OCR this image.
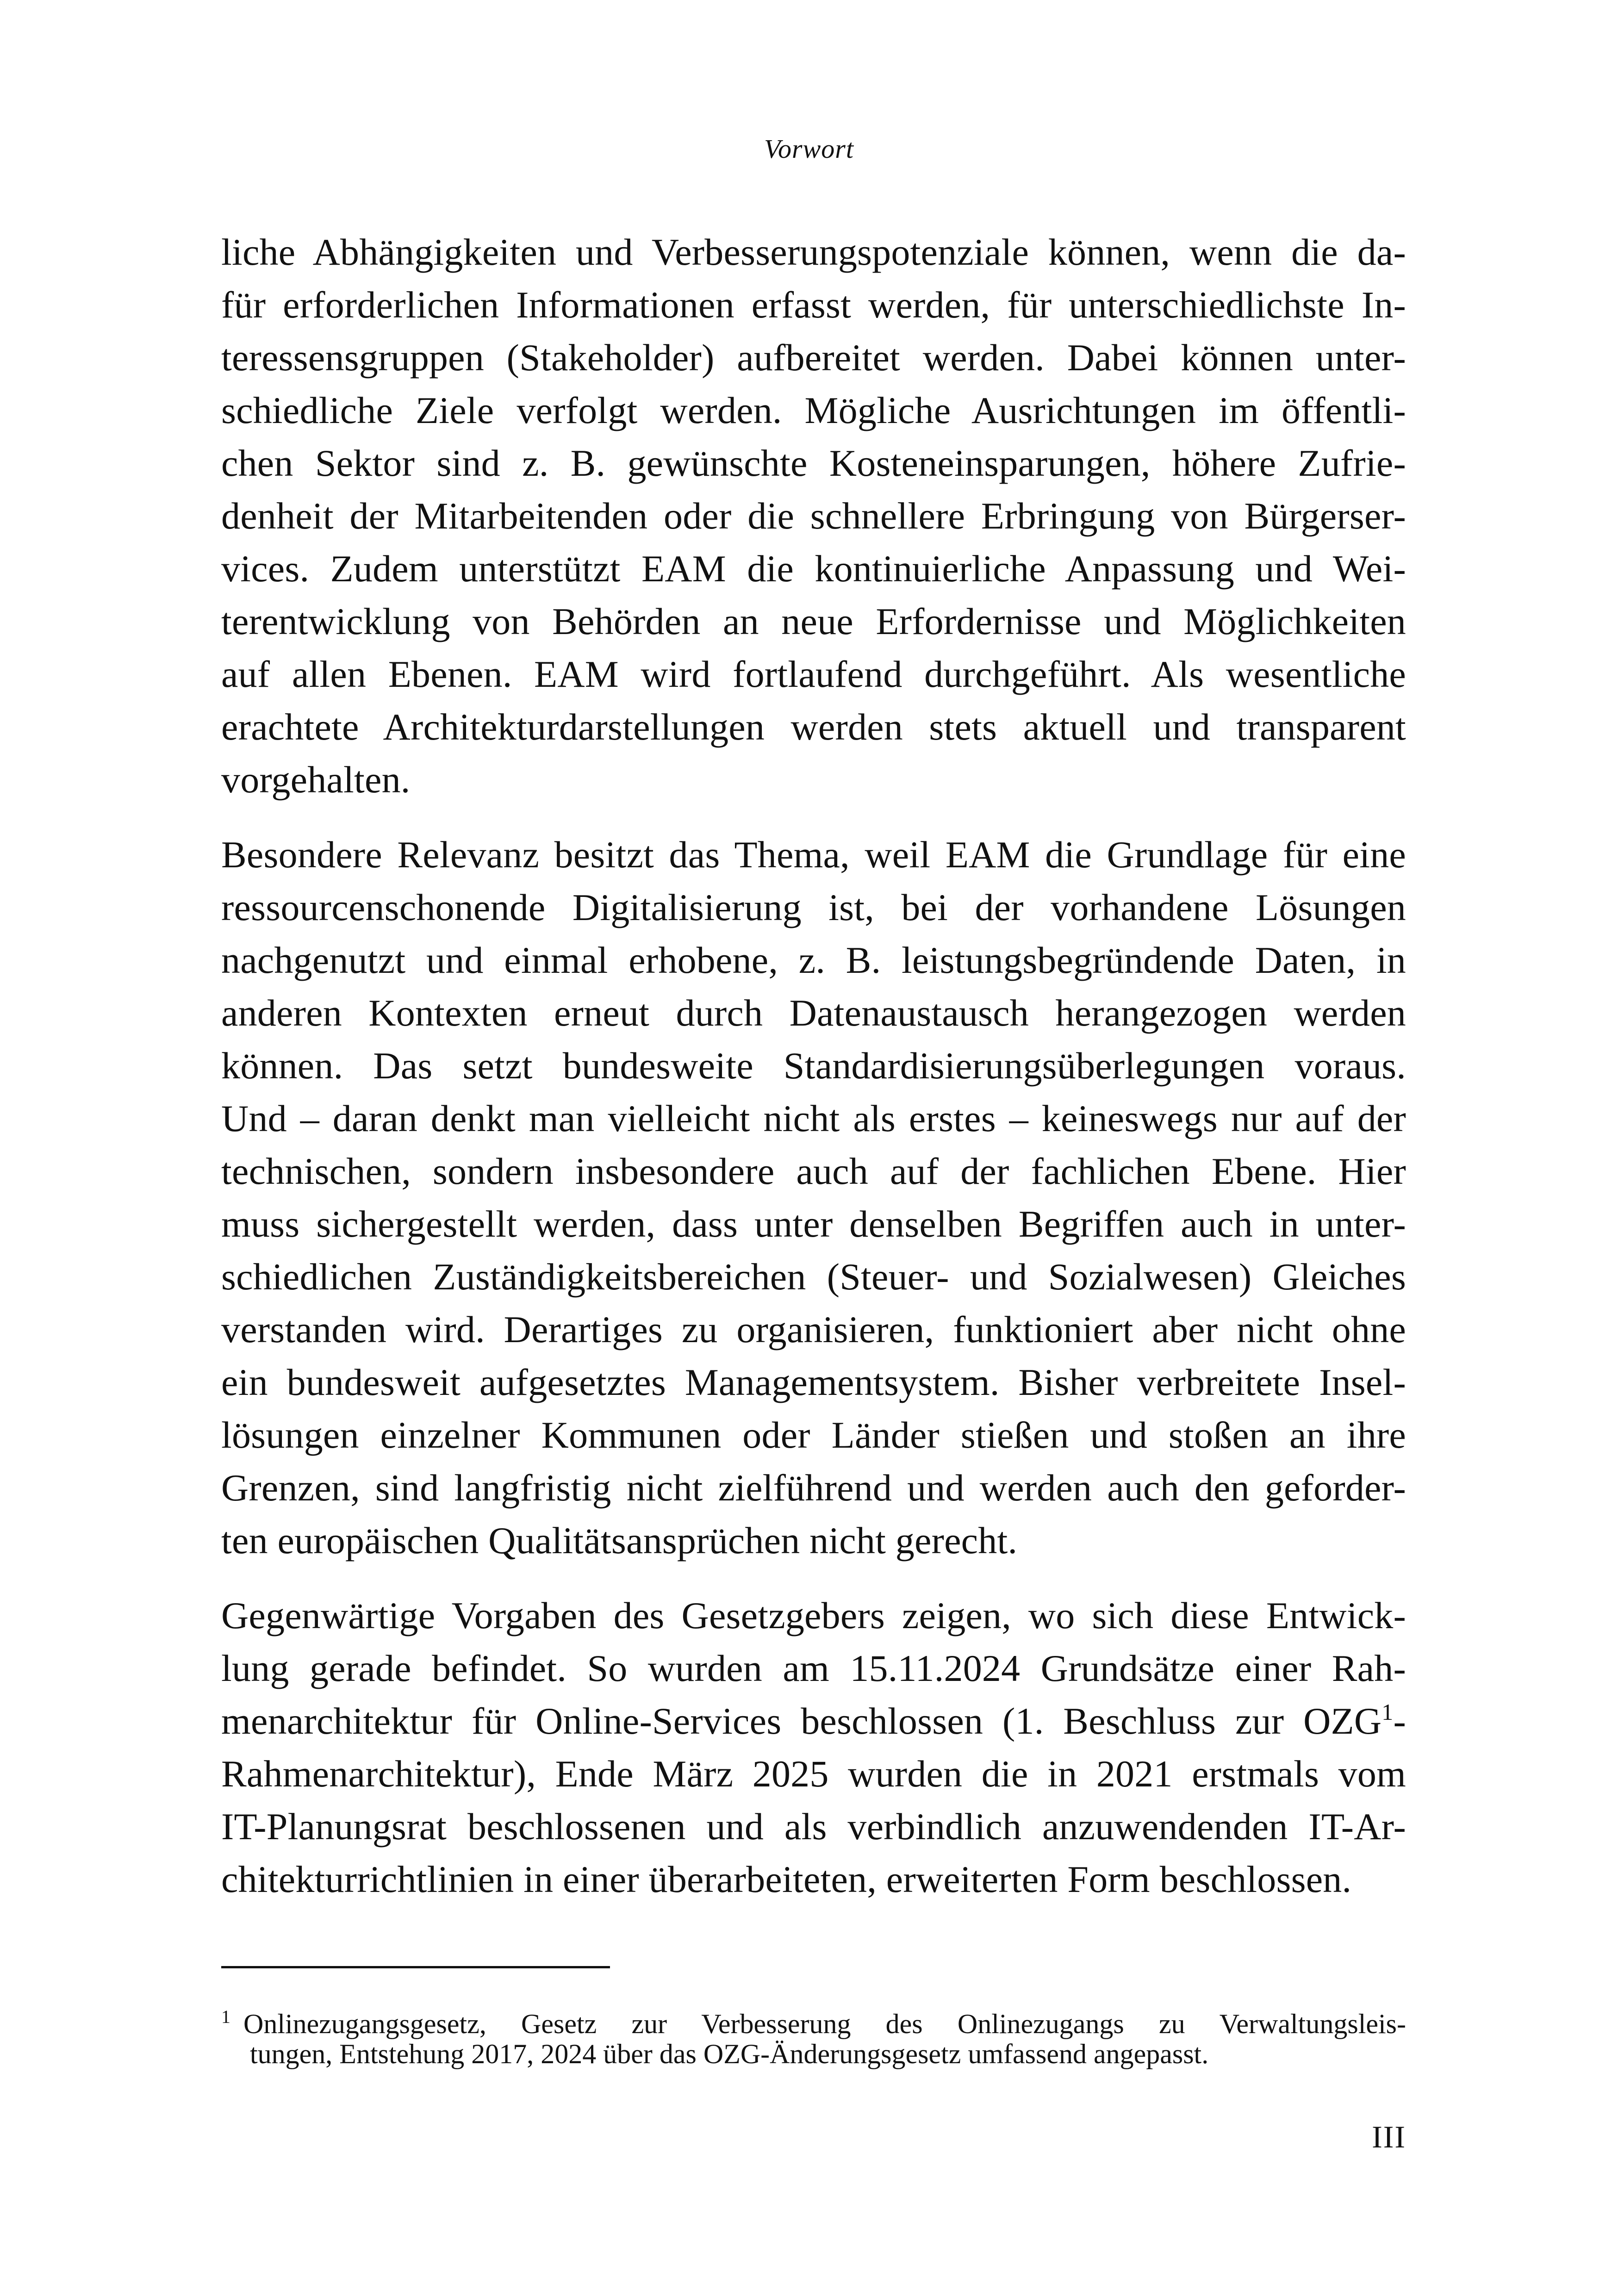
Vorwort

liche Abhängigkeiten und Verbesserungspotenziale können, wenn die da-
für erforderlichen Informationen erfasst werden, für unterschiedlichste In-
teressensgruppen (Stakeholder) aufbereitet werden. Dabei können unter-
schiedliche Ziele verfolgt werden. Mögliche Ausrichtungen im öffentli-
chen Sektor sind z. B. gewünschte Kosteneinsparungen, höhere Zufrie-
denheit der Mitarbeitenden oder die schnellere Erbringung von Bürgerser-
vices. Zudem unterstützt EAM die kontinuierliche Anpassung und Wei-
terentwicklung von Behörden an neue Erfordernisse und Möglichkeiten
auf allen Ebenen. EAM wird fortlaufend durchgeführt. Als wesentliche
erachtete Architekturdarstellungen werden stets aktuell und transparent
vorgehalten.

Besondere Relevanz besitzt das Thema, weil EAM die Grundlage für eine
ressourcenschonende Digitalisierung ist, bei der vorhandene Lösungen
nachgenutzt und einmal erhobene, z. B. leistungsbegründende Daten, in
anderen Kontexten erneut durch Datenaustausch herangezogen werden
können. Das setzt bundesweite Standardisierungsüberlegungen voraus.
Und – daran denkt man vielleicht nicht als erstes – keineswegs nur auf der
technischen, sondern insbesondere auch auf der fachlichen Ebene. Hier
muss sichergestellt werden, dass unter denselben Begriffen auch in unter-
schiedlichen Zuständigkeitsbereichen (Steuer- und Sozialwesen) Gleiches
verstanden wird. Derartiges zu organisieren, funktioniert aber nicht ohne
ein bundesweit aufgesetztes Managementsystem. Bisher verbreitete Insel-
lösungen einzelner Kommunen oder Länder stießen und stoßen an ihre
Grenzen, sind langfristig nicht zielführend und werden auch den geforder-
ten europäischen Qualitätsansprüchen nicht gerecht.

Gegenwärtige Vorgaben des Gesetzgebers zeigen, wo sich diese Entwick-
lung gerade befindet. So wurden am 15.11.2024 Grundsätze einer Rah-
menarchitektur für Online-Services beschlossen (1. Beschluss zur OZG$^1$-
Rahmenarchitektur), Ende März 2025 wurden die in 2021 erstmals vom
IT-Planungsrat beschlossenen und als verbindlich anzuwendenden IT-Ar-
chitekturrichtlinien in einer überarbeiteten, erweiterten Form beschlossen.

$^1$ Onlinezugangsgesetz, Gesetz zur Verbesserung des Onlinezugangs zu Verwaltungsleis-
tungen, Entstehung 2017, 2024 über das OZG-Änderungsgesetz umfassend angepasst.
III
